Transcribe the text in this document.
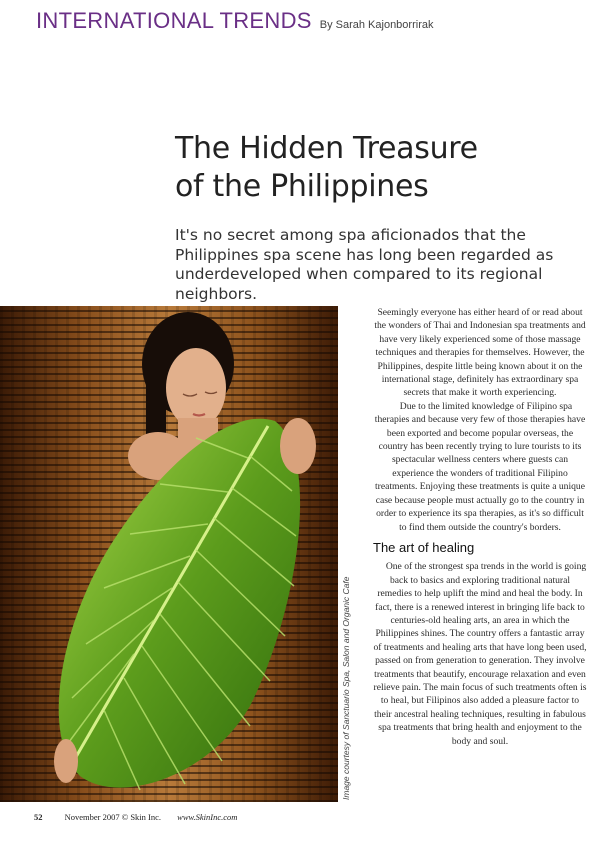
INTERNATIONAL TRENDS By Sarah Kajonborrirak
The Hidden Treasure
of the Philippines

It's no secret among spa aficionados that the Philippines spa scene has long been regarded as underdeveloped when compared to its regional neighbors.

Image courtesy of Sanctuario Spa, Salon and Organic Cafe

Seemingly everyone has either heard of or read about the wonders of Thai and Indonesian spa treatments and have very likely experienced some of those massage techniques and therapies for themselves. However, the Philippines, despite little being known about it on the international stage, definitely has extraordinary spa secrets that make it worth experiencing.

Due to the limited knowledge of Filipino spa therapies and because very few of those therapies have been exported and become popular overseas, the country has been recently trying to lure tourists to its spectacular wellness centers where guests can experience the wonders of traditional Filipino treatments. Enjoying these treatments is quite a unique case because people must actually go to the country in order to experience its spa therapies, as it's so difficult to find them outside the country's borders.

The art of healing

One of the strongest spa trends in the world is going back to basics and exploring traditional natural remedies to help uplift the mind and heal the body. In fact, there is a renewed interest in bringing life back to centuries-old healing arts, an area in which the Philippines shines. The country offers a fantastic array of treatments and healing arts that have long been used, passed on from generation to generation. They involve treatments that beautify, encourage relaxation and even relieve pain. The main focus of such treatments often is to heal, but Filipinos also added a pleasure factor to their ancestral healing techniques, resulting in fabulous spa treatments that bring health and enjoyment to the body and soul.

52	November 2007 © Skin Inc. www.SkinInc.com
